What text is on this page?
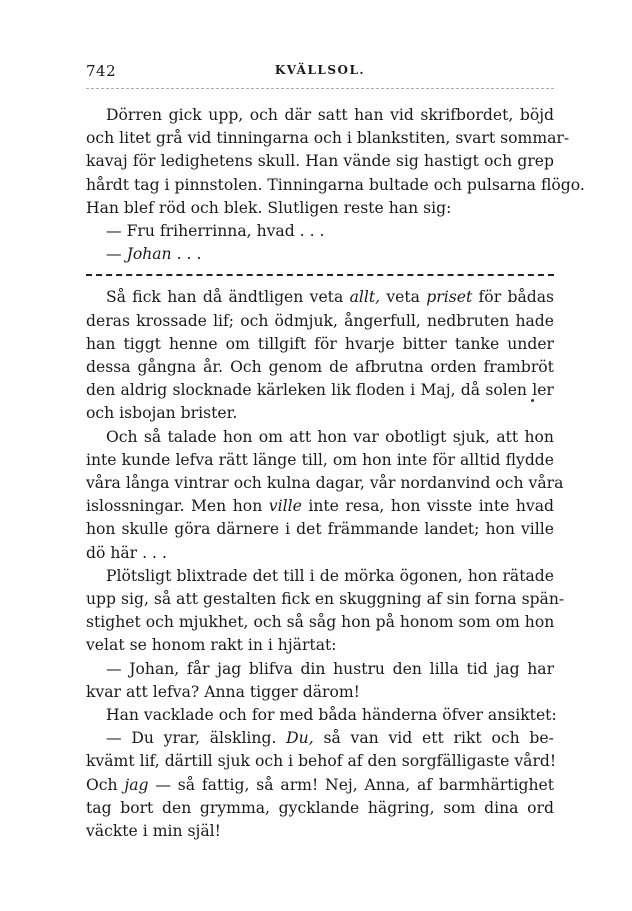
742	KVÄLLSOL.
Dörren gick upp, och där satt han vid skrifbordet, böjd
och litet grå vid tinningarna och i blankstiten, svart sommar-
kavaj för ledighetens skull. Han vände sig hastigt och grep
hårdt tag i pinnstolen. Tinningarna bultade och pulsarna flögo.
Han blef röd och blek. Slutligen reste han sig:
— Fru friherrinna, hvad . . .
— Johan . . .
Så fick han då ändtligen veta allt, veta priset för bådas
deras krossade lif; och ödmjuk, ångerfull, nedbruten hade
han tiggt henne om tillgift för hvarje bitter tanke under
dessa gångna år. Och genom de afbrutna orden frambröt
den aldrig slocknade kärleken lik floden i Maj, då solen ler
och isbojan brister.
Och så talade hon om att hon var obotligt sjuk, att hon
inte kunde lefva rätt länge till, om hon inte för alltid flydde
våra långa vintrar och kulna dagar, vår nordanvind och våra
islossningar. Men hon ville inte resa, hon visste inte hvad
hon skulle göra därnere i det främmande landet; hon ville
dö här . . .
Plötsligt blixtrade det till i de mörka ögonen, hon rätade
upp sig, så att gestalten fick en skuggning af sin forna spän-
stighet och mjukhet, och så såg hon på honom som om hon
velat se honom rakt in i hjärtat:
— Johan, får jag blifva din hustru den lilla tid jag har
kvar att lefva? Anna tigger därom!
Han vacklade och for med båda händerna öfver ansiktet:
— Du yrar, älskling. Du, så van vid ett rikt och be-
kvämt lif, därtill sjuk och i behof af den sorgfälligaste vård!
Och jag — så fattig, så arm! Nej, Anna, af barmhärtighet
tag bort den grymma, gycklande hägring, som dina ord
väckte i min själ!
